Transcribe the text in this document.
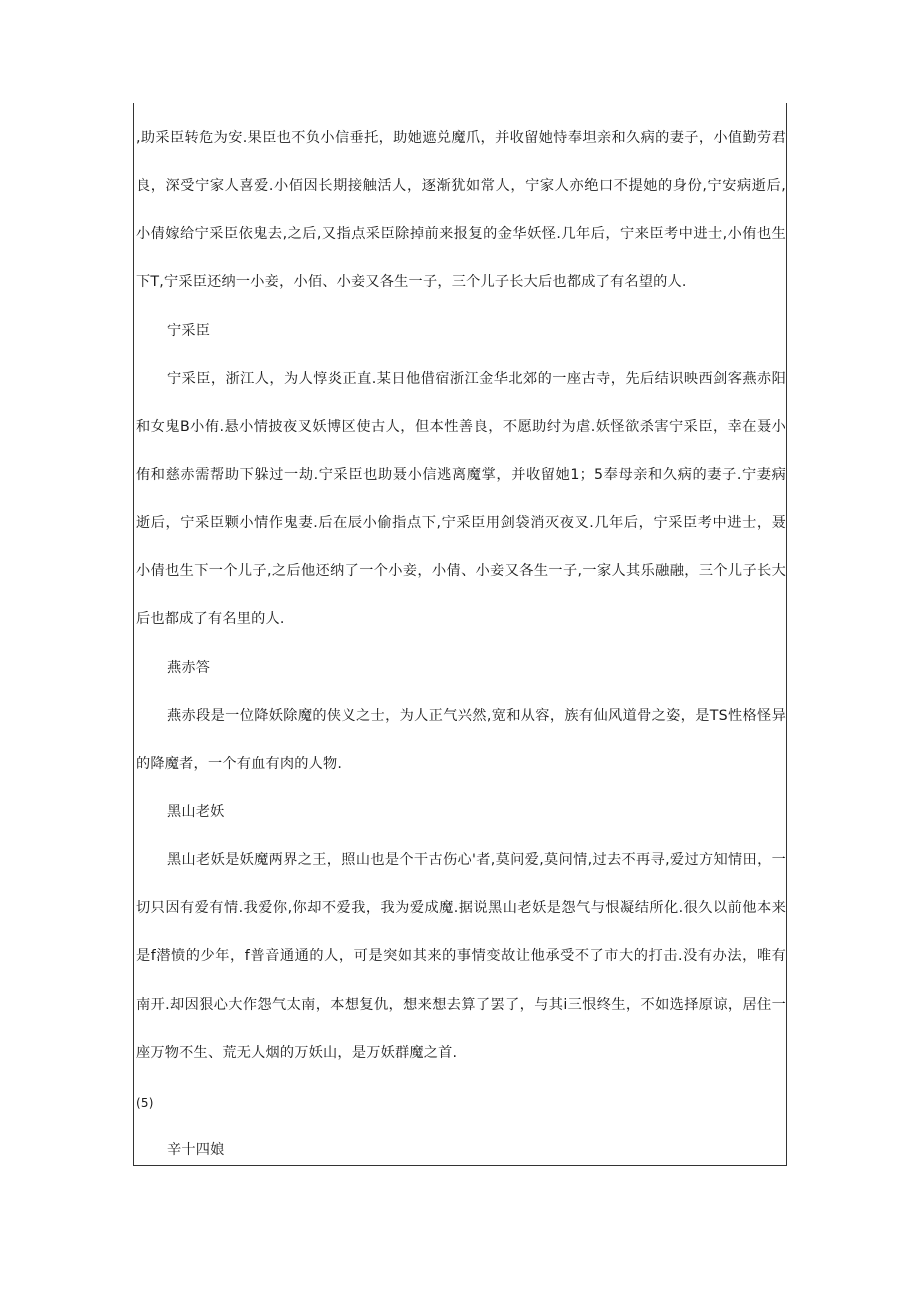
,助采臣转危为安.果臣也不负小信垂托，助她遮兑魔爪，并收留她恃奉坦亲和久病的妻子，小值勤劳君
良，深受宁家人喜爱.小佰因长期接触活人，逐渐犹如常人，宁家人亦绝口不提她的身份,宁安病逝后,
小倩嫁给宁采臣依鬼去,之后,又指点采臣除掉前来报复的金华妖怪.几年后，宁来臣考中进士,小侑也生
下T,宁采臣还纳一小妾，小佰、小妾又各生一子，三个儿子长大后也都成了有名望的人.
宁采臣
宁采臣，浙江人，为人惇炎正直.某日他借宿浙江金华北郊的一座古寺，先后结识映西剑客燕赤阳
和女鬼B小侑.悬小情披夜叉妖博区使古人，但本性善良，不愿助纣为虐.妖怪欲杀害宁采臣，幸在聂小
侑和慈赤需帮助下躲过一劫.宁采臣也助聂小信逃离魔掌，并收留她1；5奉母亲和久病的妻子.宁妻病
逝后，宁采臣颗小情作鬼妻.后在辰小偷指点下,宁采臣用剑袋消灭夜叉.几年后，宁采臣考中进士，聂
小倩也生下一个儿子,之后他还纳了一个小妾，小倩、小妾又各生一子,一家人其乐融融，三个儿子长大
后也都成了有名里的人.
燕赤答
燕赤段是一位降妖除魔的侠义之士，为人正气兴然,宽和从容，族有仙风道骨之姿，是TS性格怪异
的降魔者，一个有血有肉的人物.
黑山老妖
黑山老妖是妖魔两界之王，照山也是个干古伤心'者,莫问爱,莫问情,过去不再寻,爱过方知情田，一
切只因有爱有情.我爱你,你却不爱我，我为爱成魔.据说黑山老妖是怨气与恨凝结所化.很久以前他本来
是f潜愤的少年，f普音通通的人，可是突如其来的事情变故让他承受不了市大的打击.没有办法，唯有
南开.却因狠心大作怨气太南，本想复仇，想来想去算了罢了，与其i三恨终生，不如选择原谅，居住一
座万物不生、荒无人烟的万妖山，是万妖群魔之首.
(5)
辛十四娘
